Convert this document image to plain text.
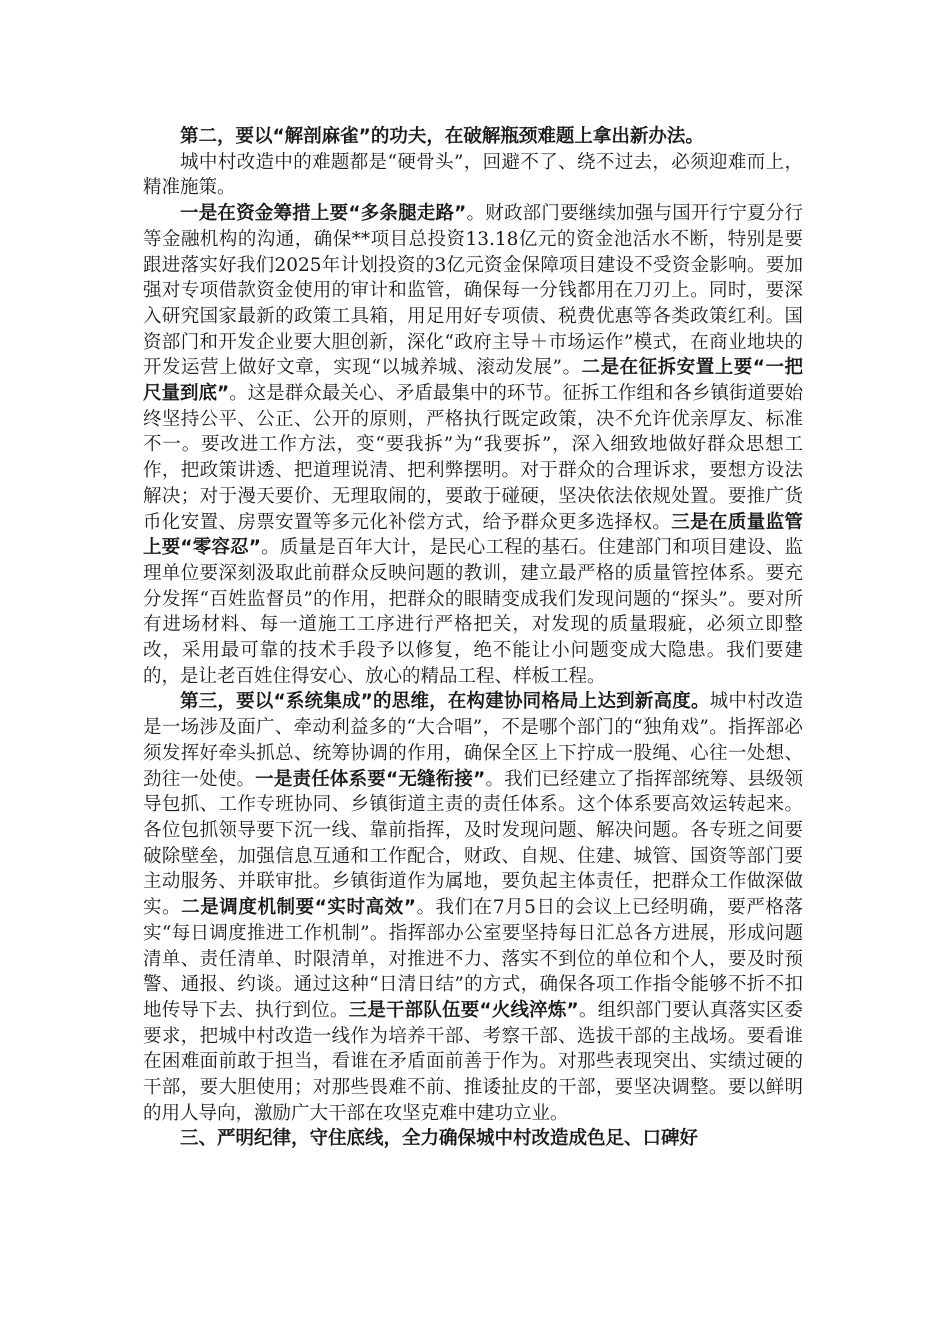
第二，要以“解剖麻雀”的功夫，在破解瓶颈难题上拿出新办法。

城中村改造中的难题都是“硬骨头”，回避不了、绕不过去，必须迎难而上，精准施策。

一是在资金筹措上要“多条腿走路”。财政部门要继续加强与国开行宁夏分行等金融机构的沟通，确保**项目总投资13.18亿元的资金池活水不断，特别是要跟进落实好我们2025年计划投资的3亿元资金保障项目建设不受资金影响。要加强对专项借款资金使用的审计和监管，确保每一分钱都用在刀刃上。同时，要深入研究国家最新的政策工具箱，用足用好专项债、税费优惠等各类政策红利。国资部门和开发企业要大胆创新，深化“政府主导＋市场运作”模式，在商业地块的开发运营上做好文章，实现“以城养城、滚动发展”。二是在征拆安置上要“一把尺量到底”。这是群众最关心、矛盾最集中的环节。征拆工作组和各乡镇街道要始终坚持公平、公正、公开的原则，严格执行既定政策，决不允许优亲厚友、标准不一。要改进工作方法，变“要我拆”为“我要拆”，深入细致地做好群众思想工作，把政策讲透、把道理说清、把利弊摆明。对于群众的合理诉求，要想方设法解决；对于漫天要价、无理取闹的，要敢于碰硬，坚决依法依规处置。要推广货币化安置、房票安置等多元化补偿方式，给予群众更多选择权。三是在质量监管上要“零容忍”。质量是百年大计，是民心工程的基石。住建部门和项目建设、监理单位要深刻汲取此前群众反映问题的教训，建立最严格的质量管控体系。要充分发挥“百姓监督员”的作用，把群众的眼睛变成我们发现问题的“探头”。要对所有进场材料、每一道施工工序进行严格把关，对发现的质量瑕疵，必须立即整改，采用最可靠的技术手段予以修复，绝不能让小问题变成大隐患。我们要建的，是让老百姓住得安心、放心的精品工程、样板工程。

第三，要以“系统集成”的思维，在构建协同格局上达到新高度。城中村改造是一场涉及面广、牵动利益多的“大合唱”，不是哪个部门的“独角戏”。指挥部必须发挥好牵头抓总、统筹协调的作用，确保全区上下拧成一股绳、心往一处想、劲往一处使。一是责任体系要“无缝衔接”。我们已经建立了指挥部统筹、县级领导包抓、工作专班协同、乡镇街道主责的责任体系。这个体系要高效运转起来。各位包抓领导要下沉一线、靠前指挥，及时发现问题、解决问题。各专班之间要破除壁垒，加强信息互通和工作配合，财政、自规、住建、城管、国资等部门要主动服务、并联审批。乡镇街道作为属地，要负起主体责任，把群众工作做深做实。二是调度机制要“实时高效”。我们在7月5日的会议上已经明确，要严格落实“每日调度推进工作机制”。指挥部办公室要坚持每日汇总各方进展，形成问题清单、责任清单、时限清单，对推进不力、落实不到位的单位和个人，要及时预警、通报、约谈。通过这种“日清日结”的方式，确保各项工作指令能够不折不扣地传导下去、执行到位。三是干部队伍要“火线淬炼”。组织部门要认真落实区委要求，把城中村改造一线作为培养干部、考察干部、选拔干部的主战场。要看谁在困难面前敢于担当，看谁在矛盾面前善于作为。对那些表现突出、实绩过硬的干部，要大胆使用；对那些畏难不前、推诿扯皮的干部，要坚决调整。要以鲜明的用人导向，激励广大干部在攻坚克难中建功立业。

三、严明纪律，守住底线，全力确保城中村改造成色足、口碑好
